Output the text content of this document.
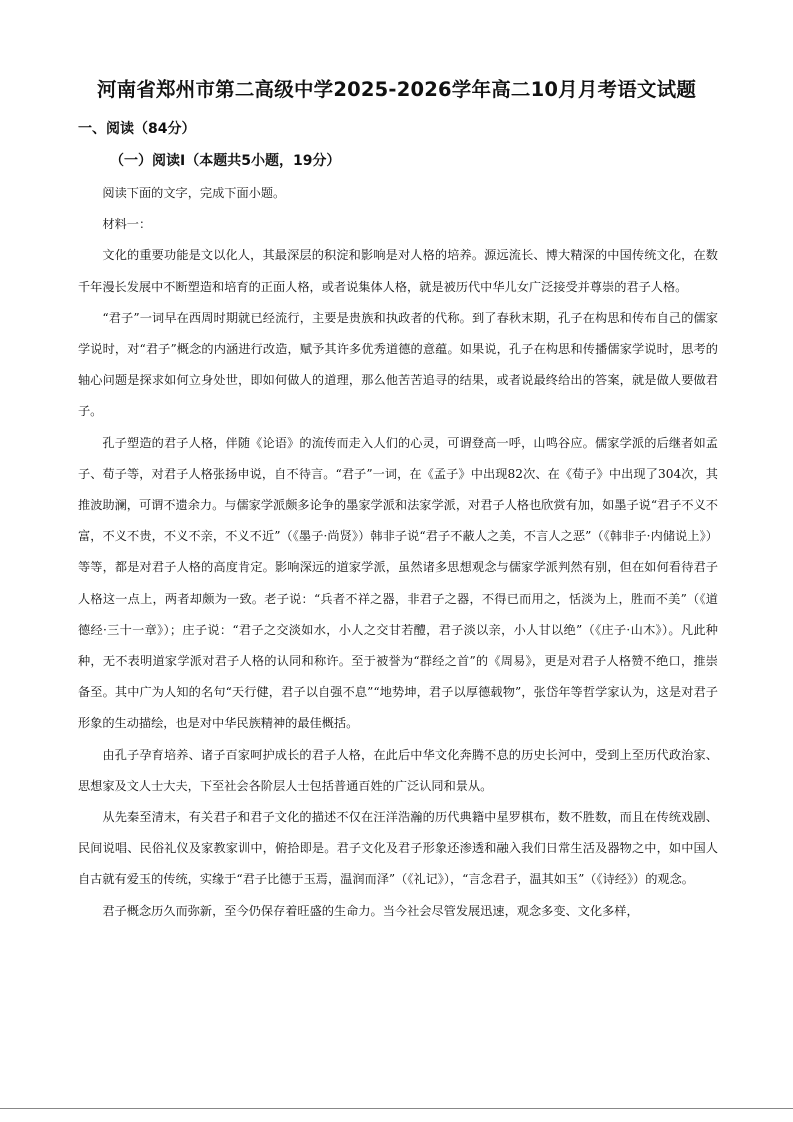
河南省郑州市第二高级中学2025-2026学年高二10月月考语文试题
一、阅读（84分）
（一）阅读Ⅰ（本题共5小题，19分）

阅读下面的文字，完成下面小题。

材料一：

文化的重要功能是文以化人，其最深层的积淀和影响是对人格的培养。源远流长、博大精深的中国传统文化，在数千年漫长发展中不断塑造和培育的正面人格，或者说集体人格，就是被历代中华儿女广泛接受并尊崇的君子人格。

“君子”一词早在西周时期就已经流行，主要是贵族和执政者的代称。到了春秋末期，孔子在构思和传布自己的儒家学说时，对“君子”概念的内涵进行改造，赋予其许多优秀道德的意蕴。如果说，孔子在构思和传播儒家学说时，思考的轴心问题是探求如何立身处世，即如何做人的道理，那么他苦苦追寻的结果，或者说最终给出的答案，就是做人要做君子。

孔子塑造的君子人格，伴随《论语》的流传而走入人们的心灵，可谓登高一呼，山鸣谷应。儒家学派的后继者如孟子、荀子等，对君子人格张扬申说，自不待言。“君子”一词，在《孟子》中出现82次、在《荀子》中出现了304次，其推波助澜，可谓不遗余力。与儒家学派颇多论争的墨家学派和法家学派，对君子人格也欣赏有加，如墨子说“君子不义不富，不义不贵，不义不亲，不义不近”（《墨子·尚贤》）韩非子说“君子不蔽人之美，不言人之恶”（《韩非子·内储说上》）等等，都是对君子人格的高度肯定。影响深远的道家学派，虽然诸多思想观念与儒家学派判然有别，但在如何看待君子人格这一点上，两者却颇为一致。老子说：“兵者不祥之器，非君子之器，不得已而用之，恬淡为上，胜而不美”（《道德经·三十一章》）；庄子说：“君子之交淡如水，小人之交甘若醴，君子淡以亲，小人甘以绝”（《庄子·山木》）。凡此种种，无不表明道家学派对君子人格的认同和称许。至于被誉为“群经之首”的《周易》，更是对君子人格赞不绝口，推崇备至。其中广为人知的名句“天行健，君子以自强不息”“地势坤，君子以厚德载物”，张岱年等哲学家认为，这是对君子形象的生动描绘，也是对中华民族精神的最佳概括。

由孔子孕育培养、诸子百家呵护成长的君子人格，在此后中华文化奔腾不息的历史长河中，受到上至历代政治家、思想家及文人士大夫，下至社会各阶层人士包括普通百姓的广泛认同和景从。

从先秦至清末，有关君子和君子文化的描述不仅在汪洋浩瀚的历代典籍中星罗棋布，数不胜数，而且在传统戏剧、民间说唱、民俗礼仪及家教家训中，俯拾即是。君子文化及君子形象还渗透和融入我们日常生活及器物之中，如中国人自古就有爱玉的传统，实缘于“君子比德于玉焉，温润而泽”（《礼记》），“言念君子，温其如玉”（《诗经》）的观念。

君子概念历久而弥新，至今仍保存着旺盛的生命力。当今社会尽管发展迅速，观念多变、文化多样，
